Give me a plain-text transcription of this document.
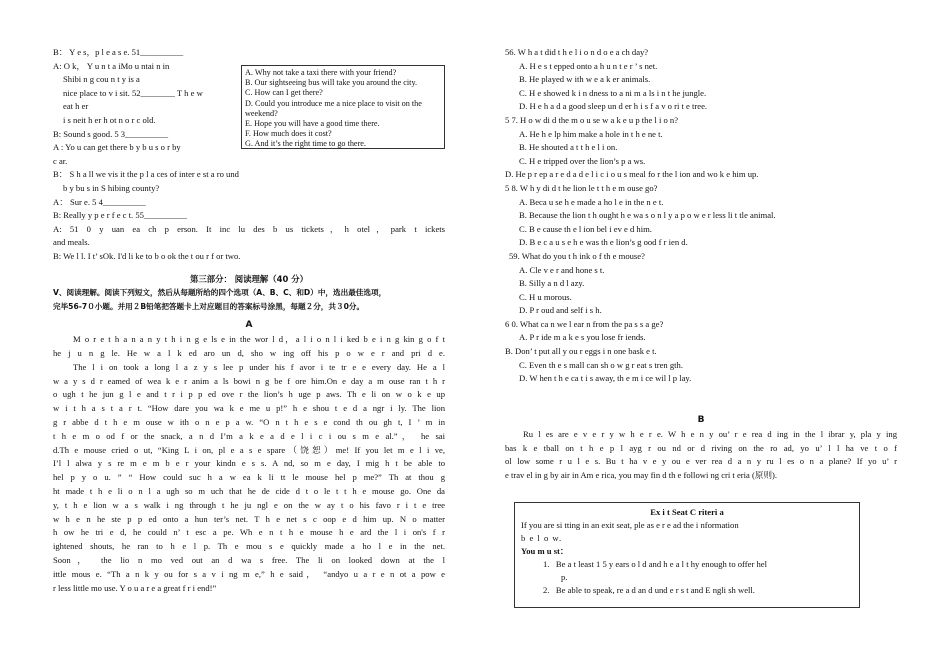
B： Y e s，p l e a s e. 51__________
A: O k， Y u n t a iMo u ntai n in
Shibi n g cou n t y is a
nice place to v i sit. 52________ T h e w
eat h er
i s neit h er h ot n o r c old.
B: Sound s good. 5 3__________
A : Yo u can get there b y b u s o r by
c ar.
B： S h a ll we vis it the p l a ces of inter e st a ro und
b y bu s in S hibing county?
A： Sur e. 5 4__________
B: Really y p e r f e c t. 55__________
A: 51 0 y uan ea ch p erson. It inc lu des b us tickets，h otel，park t ickets
and meals.
B: We l l. I t’ sOk. I'd li ke to b o ok the t ou r f or two.
第三部分： 阅读理解（40 分）
Ⅴ、阅读理解。阅读下列短文，然后从每题所给的四个选项（A、B、C、和D）中，选出最佳选项，
完毕56-7０小题。并用２B铅笔把答题卡上对应题目的答案标号涂黑，每题２分，共３0分。
A
M o r e t h a n a n y t h i n g e ls e in the wor l d，a l i o n l i ked b e i n g kin g o f t
he j u n g le. He w a l k ed aro un d, sho w ing off his p o w e r and pri d e.
The l i on took a long l a z y s lee p under his f avor i te tr e e every day. He a l
w a y s d r eamed of wea k e r anim a ls bowi n g be f ore him.On e day a m ouse ran t h r
o ugh t he jun g l e and t r i p p ed ove r the lion’s h uge p aws. Th e li on w o k e up
w i t h a s t a r t. “How dare you wa k e me u p!” h e shou t e d a ngr i ly. The lion
g r abbe d t h e m ouse w ith o n e p a w. “O n t h e s e cond th ou gh t, I ’ m in
t h e m o od f or the snack, a n d I’m a k e a d e l i c i ou s m e al.”， he sai
d.Th e mouse cried o ut, “King L i on, pl e a s e spare（饶恕）me! If you let m e l i ve,
I’l l alwa y s re m e m b e r your kindn e s s. A nd, so m e day, I mig h t be able to
hel p y o u. ” “ How could suc h a w ea k li tt le mouse hel p me?” Th at thou g
ht made t h e li o n l a ugh so m uch that he de cide d t o le t t h e mouse go. One da
y, t h e lion w a s walk i ng through t he ju ngl e on the w ay t o his favo r i t e tree
w h e n he ste p p ed onto a hun ter’s net. T h e net s c oop e d him up. N o matter
h ow he tri e d, he could n’ t esc a pe. Wh e n t h e mouse h e ard the l i on's f r
ightened shouts, he ran to h e l p. Th e mou s e quickly made a ho l e in the net.
Soon， the lio n mo ved out an d wa s free. The li on looked down at the l
ittle mous e. “Th a n k y ou for s a v i ng m e,” h e said， “andyo u a r e n ot a pow e
r less little mo use. Y o u a r e a great f r i end!”
A. Why not take a taxi there with your friend?
B. Our sightseeing bus will take you around the city.
C. How can I get there?
D. Could you introduce me a nice place to visit on the weekend?
E. Hope you will have a good time there.
F. How much does it cost?
G. And it’s the right time to go there.
56. W h a t did t h e l i o n d o e a ch day?
A. H e s t epped onto a h u n t e r ’ s net.
B. He played w ith w e a k er animals.
C. H e showed k i n dness to a ni m a ls i n t he jungle.
D. H e h a d a good sleep un d er h i s f a v o ri t e tree.
5 7. H o w di d the m o u se w a k e u p the l i o n?
A. He h e lp him make a hole in t h e ne t.
B. He shouted a t t h e l i on.
C. H e tripped over the lion’s p a ws.
D. He p r ep a r e d a d e l i c i o u s meal fo r the l ion and wo k e him up.
5 8. W h y di d t he lion le t t h e m ouse go?
A. Beca u se h e made a ho l e in the n e t.
B. Because the lion t h ought h e wa s o n l y a p o w e r less li t tle animal.
C. B e cause th e l ion bel i ev e d him.
D. B e c a u s e h e was th e lion’s g ood f r ien d.
59. What do you t h ink o f th e mouse?
A. Cle v e r and hone s t.
B. Silly a n d l azy.
C. H u morous.
D. P r oud and self i s h.
6 0. What ca n we l ear n from the pa s s a ge?
A. P r ide m a k e s you lose fr iends.
B. Don’ t put all y ou r eggs i n one bask e t.
C. Even th e s mall can sh o w g r eat s tren gth.
D. W hen t h e ca t i s away, th e m i ce wil l p lay.
B
Ru l es are e v e r y w h e r e. W h e n y ou’ r e rea d ing in the l ibrar y, pla y ing
bas k e tball on t h e p l ayg r ou nd or d riving on the ro ad, yo u’ l l ha ve t o f
ol low some r u l e s. Bu t ha v e y ou e ver rea d a n y ru l es o n a plane? If yo u’ r
e trav el in g by air in Am e rica, you may fin d th e followi ng cri t eria (原则).
Ex i t Seat C riteri a
If you are si tting in an exit seat, ple as e r e ad the i nformation
b e l o w.
You m u st：
1. Be a t least 1 5 y ears o l d and h e a l t hy enough to offer hel
p.
2. Be able to speak, re a d an d und e r s t and E ngli sh well.
